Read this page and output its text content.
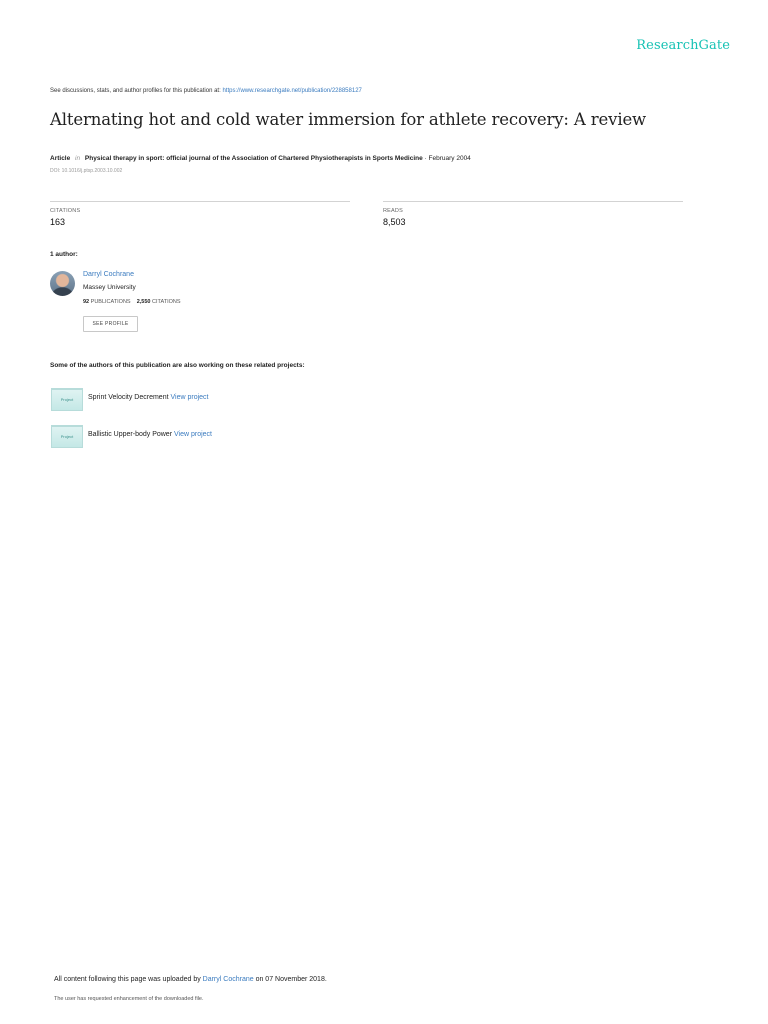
ResearchGate
See discussions, stats, and author profiles for this publication at: https://www.researchgate.net/publication/228858127
Alternating hot and cold water immersion for athlete recovery: A review
Article in Physical therapy in sport: official journal of the Association of Chartered Physiotherapists in Sports Medicine · February 2004
DOI: 10.1016/j.ptsp.2003.10.002
CITATIONS
163
READS
8,503
1 author:
Darryl Cochrane
Massey University
92 PUBLICATIONS 2,550 CITATIONS
SEE PROFILE
Some of the authors of this publication are also working on these related projects:
Project	Sprint Velocity Decrement View project
Project	Ballistic Upper-body Power View project
All content following this page was uploaded by Darryl Cochrane on 07 November 2018.
The user has requested enhancement of the downloaded file.
